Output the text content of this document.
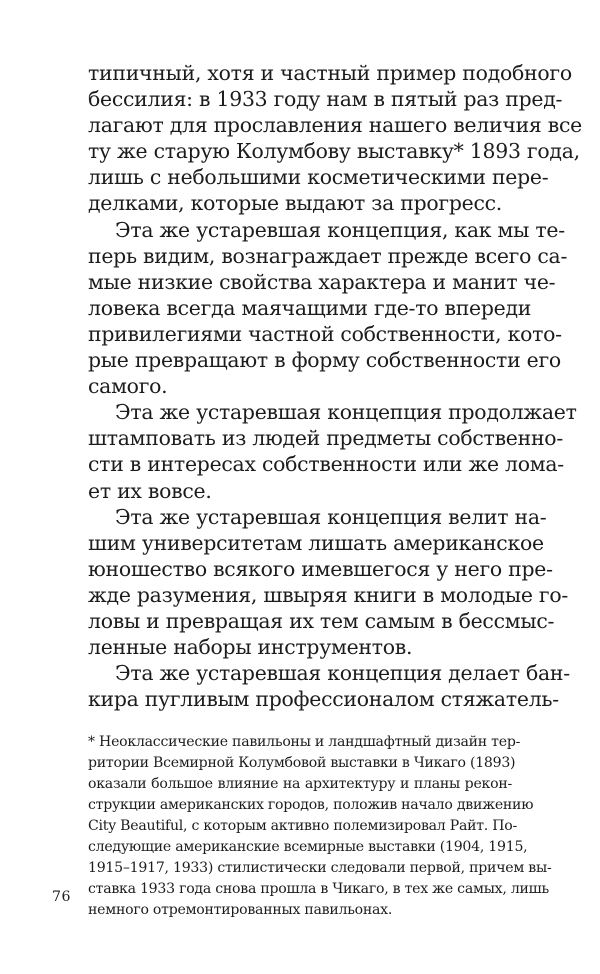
типичный, хотя и частный пример подобного
бессилия: в 1933 году нам в пятый раз пред-
лагают для прославления нашего величия все
ту же старую Колумбову выставку* 1893 года,
лишь с небольшими косметическими пере-
делками, которые выдают за прогресс.
Эта же устаревшая концепция, как мы те-
перь видим, вознаграждает прежде всего са-
мые низкие свойства характера и манит че-
ловека всегда маячащими где-то впереди
привилегиями частной собственности, кото-
рые превращают в форму собственности его
самого.
Эта же устаревшая концепция продолжает
штамповать из людей предметы собственно-
сти в интересах собственности или же лома-
ет их вовсе.
Эта же устаревшая концепция велит на-
шим университетам лишать американское
юношество всякого имевшегося у него пре-
жде разумения, швыряя книги в молодые го-
ловы и превращая их тем самым в бессмыс-
ленные наборы инструментов.
Эта же устаревшая концепция делает бан-
кира пугливым профессионалом стяжатель-
* Неоклассические павильоны и ландшафтный дизайн тер-
ритории Всемирной Колумбовой выставки в Чикаго (1893)
оказали большое влияние на архитектуру и планы рекон-
струкции американских городов, положив начало движению
City Beautiful, с которым активно полемизировал Райт. По-
следующие американские всемирные выставки (1904, 1915,
1915–1917, 1933) стилистически следовали первой, причем вы-
ставка 1933 года снова прошла в Чикаго, в тех же самых, лишь
немного отремонтированных павильонах.
76
